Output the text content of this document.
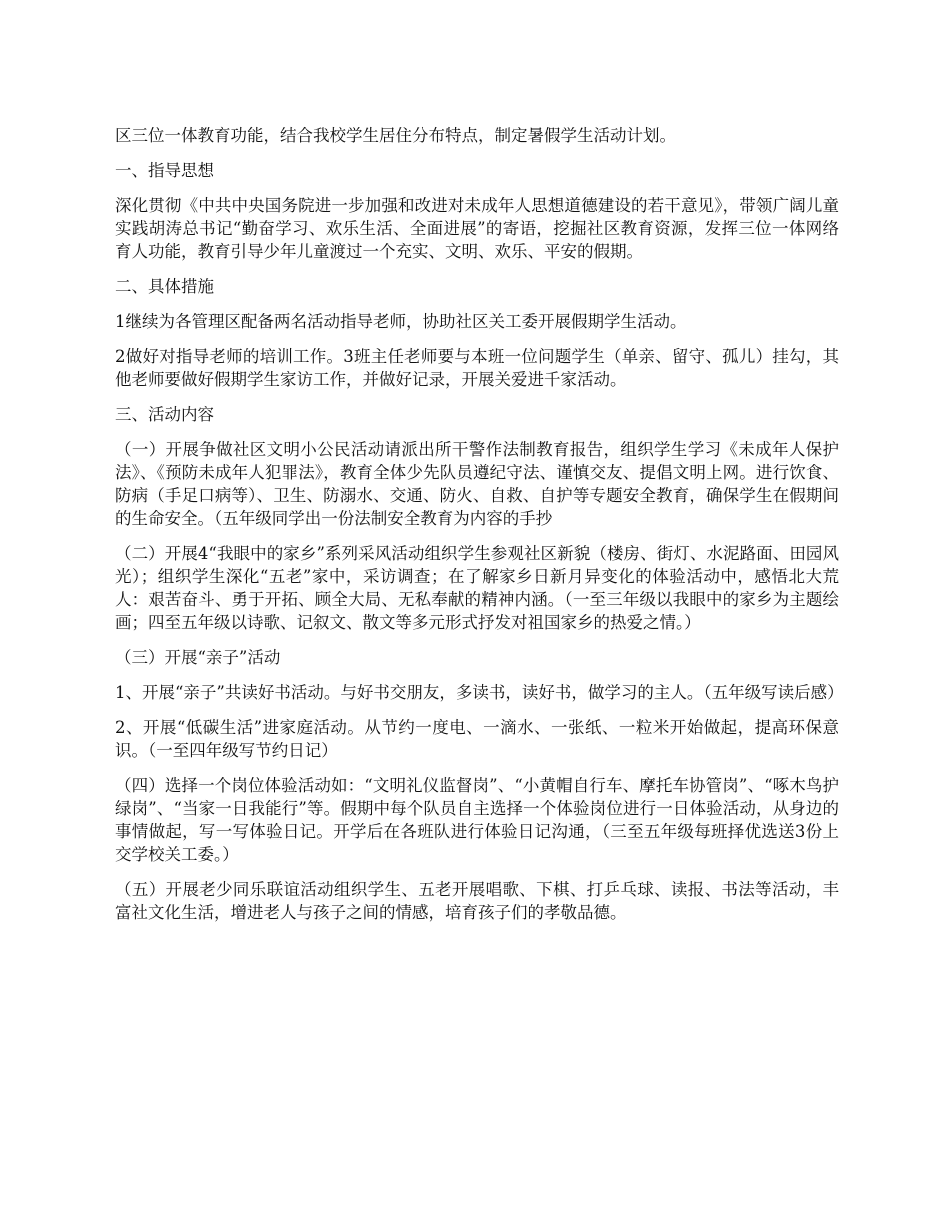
区三位一体教育功能，结合我校学生居住分布特点，制定暑假学生活动计划。

一、指导思想

深化贯彻《中共中央国务院进一步加强和改进对未成年人思想道德建设的若干意见》，带领广阔儿童实践胡涛总书记“勤奋学习、欢乐生活、全面进展”的寄语，挖掘社区教育资源，发挥三位一体网络育人功能，教育引导少年儿童渡过一个充实、文明、欢乐、平安的假期。

二、具体措施

1继续为各管理区配备两名活动指导老师，协助社区关工委开展假期学生活动。

2做好对指导老师的培训工作。3班主任老师要与本班一位问题学生（单亲、留守、孤儿）挂勾，其他老师要做好假期学生家访工作，并做好记录，开展关爱进千家活动。

三、活动内容

（一）开展争做社区文明小公民活动请派出所干警作法制教育报告，组织学生学习《未成年人保护法》、《预防未成年人犯罪法》，教育全体少先队员遵纪守法、谨慎交友、提倡文明上网。进行饮食、防病（手足口病等）、卫生、防溺水、交通、防火、自救、自护等专题安全教育，确保学生在假期间的生命安全。（五年级同学出一份法制安全教育为内容的手抄

（二）开展4“我眼中的家乡”系列采风活动组织学生参观社区新貌（楼房、街灯、水泥路面、田园风光）；组织学生深化“五老”家中，采访调查；在了解家乡日新月异变化的体验活动中，感悟北大荒人：艰苦奋斗、勇于开拓、顾全大局、无私奉献的精神内涵。（一至三年级以我眼中的家乡为主题绘画；四至五年级以诗歌、记叙文、散文等多元形式抒发对祖国家乡的热爱之情。）

（三）开展“亲子”活动

1、开展“亲子”共读好书活动。与好书交朋友，多读书，读好书，做学习的主人。（五年级写读后感）

2、开展“低碳生活”进家庭活动。从节约一度电、一滴水、一张纸、一粒米开始做起，提高环保意识。（一至四年级写节约日记）

（四）选择一个岗位体验活动如：“文明礼仪监督岗”、“小黄帽自行车、摩托车协管岗”、“啄木鸟护绿岗”、“当家一日我能行”等。假期中每个队员自主选择一个体验岗位进行一日体验活动，从身边的事情做起，写一写体验日记。开学后在各班队进行体验日记沟通，（三至五年级每班择优选送3份上交学校关工委。）

（五）开展老少同乐联谊活动组织学生、五老开展唱歌、下棋、打乒乓球、读报、书法等活动，丰富社文化生活，增进老人与孩子之间的情感，培育孩子们的孝敬品德。
